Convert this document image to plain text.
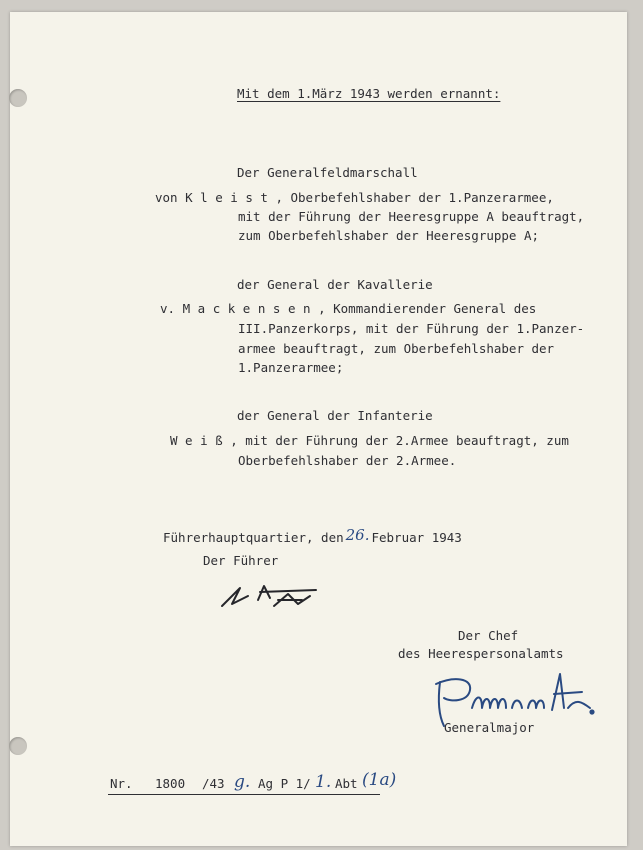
Mit dem 1.März 1943 werden ernannt:
Der Generalfeldmarschall
von K l e i s t , Oberbefehlshaber der 1.Panzerarmee,
mit der Führung der Heeresgruppe A beauftragt,
zum Oberbefehlshaber der Heeresgruppe A;
der General der Kavallerie
v. M a c k e n s e n , Kommandierender General des
III.Panzerkorps, mit der Führung der 1.Panzer-
armee beauftragt, zum Oberbefehlshaber der
1.Panzerarmee;
der General der Infanterie
W e i ß , mit der Führung der 2.Armee beauftragt, zum
Oberbefehlshaber der 2.Armee.
Führerhauptquartier, den 26. Februar 1943
Der Führer
Der Chef
des Heerespersonalamts
Generalmajor
Nr. 1800 /43 g. Ag P 1/ 1. Abt (1a)
